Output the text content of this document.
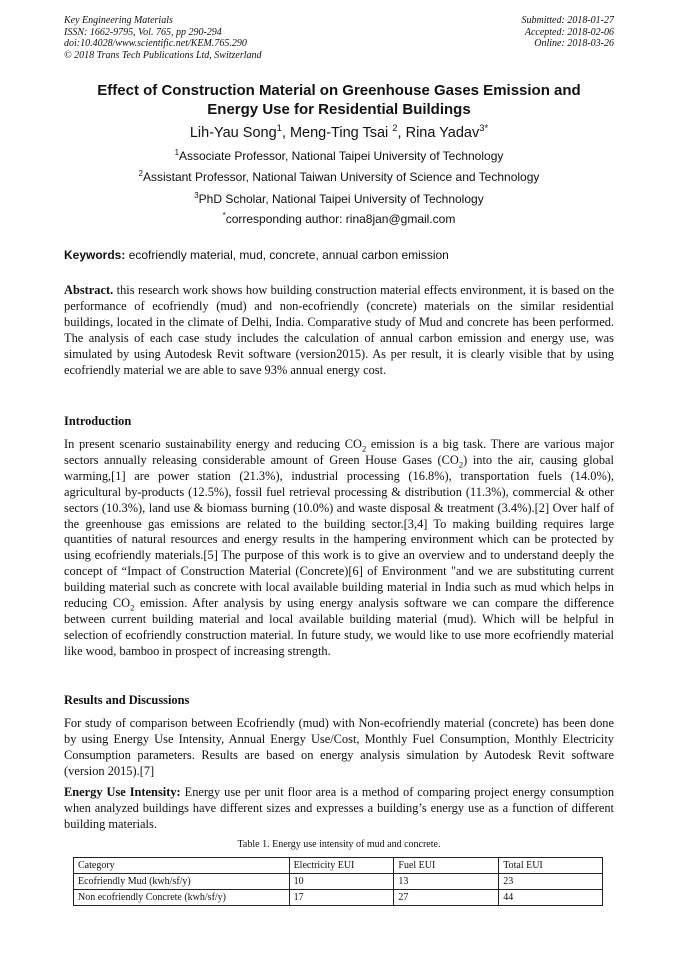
Key Engineering Materials
ISSN: 1662-9795, Vol. 765, pp 290-294
doi:10.4028/www.scientific.net/KEM.765.290
© 2018 Trans Tech Publications Ltd, Switzerland
Submitted: 2018-01-27
Accepted: 2018-02-06
Online: 2018-03-26
Effect of Construction Material on Greenhouse Gases Emission and
Energy Use for Residential Buildings
Lih-Yau Song$^1$, Meng-Ting Tsai $^2$, Rina Yadav$^{3*}$
$^1$Associate Professor, National Taipei University of Technology
$^2$Assistant Professor, National Taiwan University of Science and Technology
$^3$PhD Scholar, National Taipei University of Technology
*corresponding author: rina8jan@gmail.com
Keywords: ecofriendly material, mud, concrete, annual carbon emission

Abstract. this research work shows how building construction material effects environment, it is based on the performance of ecofriendly (mud) and non-ecofriendly (concrete) materials on the similar residential buildings, located in the climate of Delhi, India. Comparative study of Mud and concrete has been performed. The analysis of each case study includes the calculation of annual carbon emission and energy use, was simulated by using Autodesk Revit software (version2015). As per result, it is clearly visible that by using ecofriendly material we are able to save 93% annual energy cost.

Introduction

In present scenario sustainability energy and reducing $CO_2$ emission is a big task. There are various major sectors annually releasing considerable amount of Green House Gases $(CO_2)$ into the air, causing global warming,[1] are power station (21.3%), industrial processing (16.8%), transportation fuels (14.0%), agricultural by-products (12.5%), fossil fuel retrieval processing & distribution (11.3%), commercial & other sectors (10.3%), land use & biomass burning (10.0%) and waste disposal & treatment (3.4%).[2] Over half of the greenhouse gas emissions are related to the building sector.[3,4] To making building requires large quantities of natural resources and energy results in the hampering environment which can be protected by using ecofriendly materials.[5] The purpose of this work is to give an overview and to understand deeply the concept of “Impact of Construction Material (Concrete)[6] of Environment "and we are substituting current building material such as concrete with local available building material in India such as mud which helps in reducing $CO_2$ emission. After analysis by using energy analysis software we can compare the difference between current building material and local available building material (mud). Which will be helpful in selection of ecofriendly construction material. In future study, we would like to use more ecofriendly material like wood, bamboo in prospect of increasing strength.

Results and Discussions

For study of comparison between Ecofriendly (mud) with Non-ecofriendly material (concrete) has been done by using Energy Use Intensity, Annual Energy Use/Cost, Monthly Fuel Consumption, Monthly Electricity Consumption parameters. Results are based on energy analysis simulation by Autodesk Revit software (version 2015).[7]

Energy Use Intensity: Energy use per unit floor area is a method of comparing project energy consumption when analyzed buildings have different sizes and expresses a building’s energy use as a function of different building materials.

Table 1. Energy use intensity of mud and concrete.
Category	Electricity EUI	Fuel EUI	Total EUI
Ecofriendly Mud (kwh/sf/y)	10	13	23
Non ecofriendly Concrete (kwh/sf/y)	17	27	44
